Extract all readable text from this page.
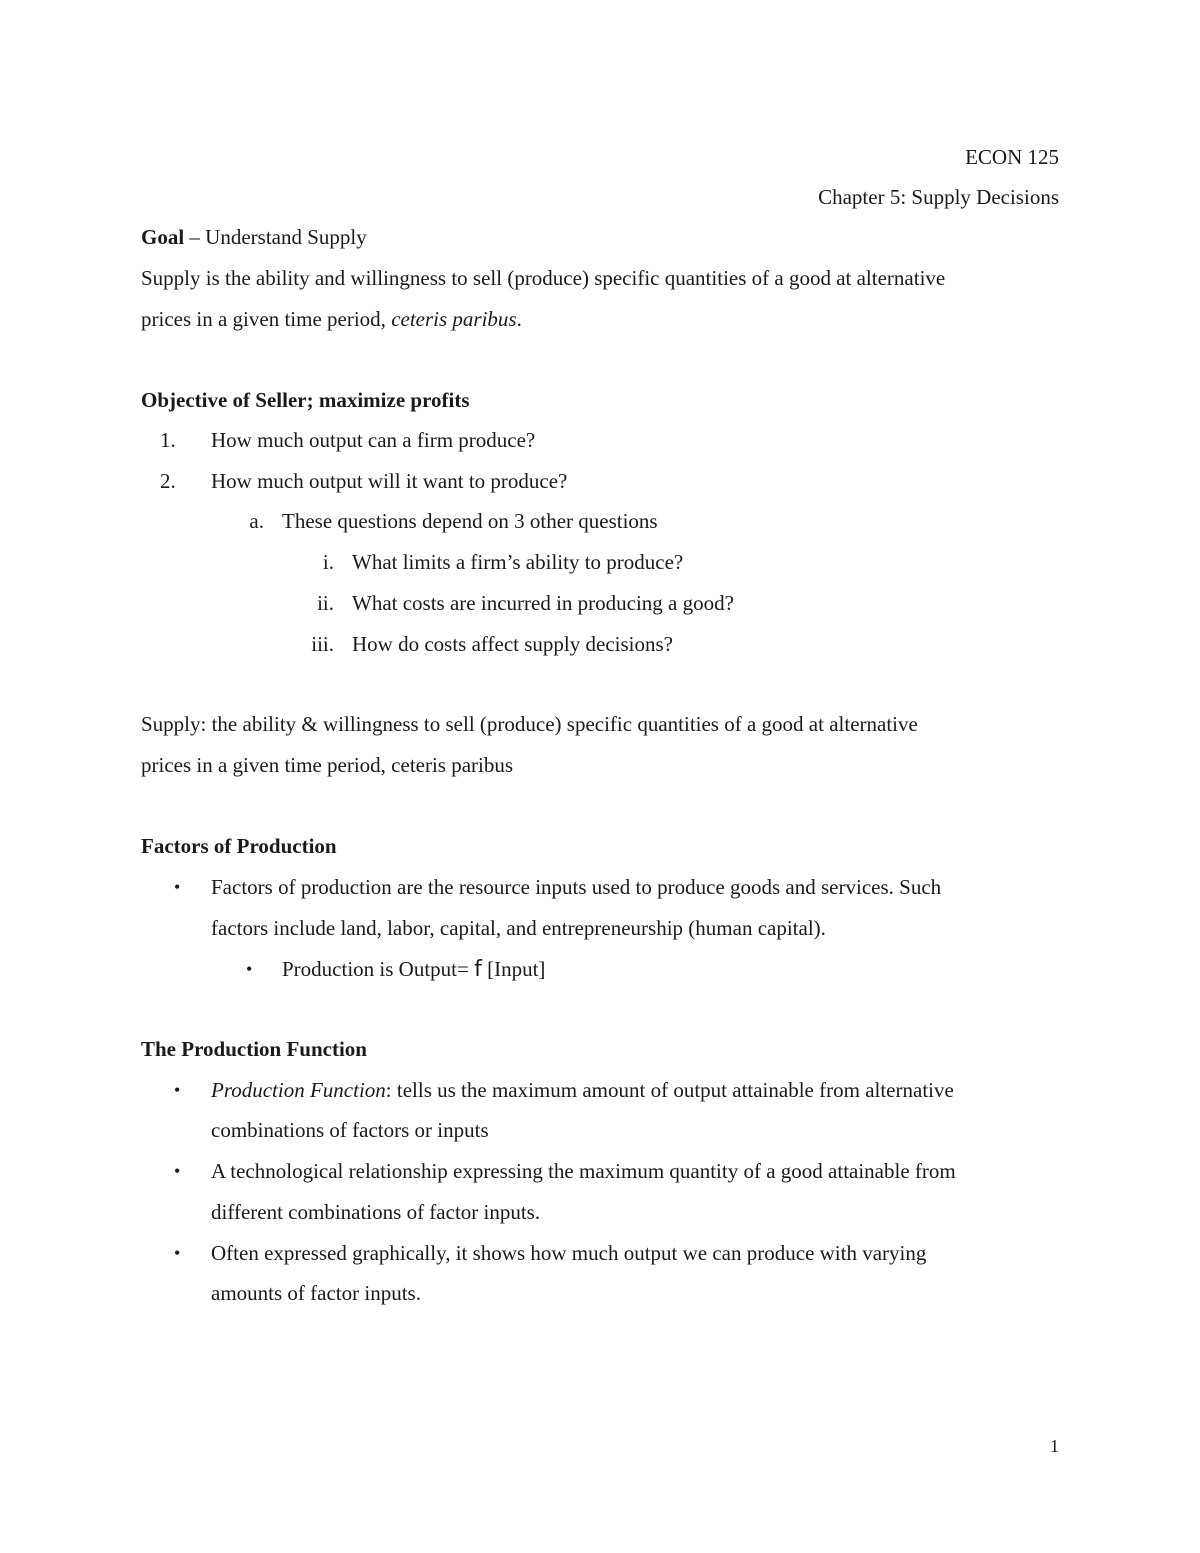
ECON 125
Chapter 5: Supply Decisions
Goal – Understand Supply
Supply is the ability and willingness to sell (produce) specific quantities of a good at alternative
prices in a given time period, ceteris paribus.
Objective of Seller; maximize profits
1.	How much output can a firm produce?
2.	How much output will it want to produce?
a. These questions depend on 3 other questions
i. What limits a firm’s ability to produce?
ii. What costs are incurred in producing a good?
iii. How do costs affect supply decisions?
Supply: the ability & willingness to sell (produce) specific quantities of a good at alternative
prices in a given time period, ceteris paribus
Factors of Production
• Factors of production are the resource inputs used to produce goods and services. Such
factors include land, labor, capital, and entrepreneurship (human capital).
• Production is Output= f [Input]
The Production Function
• Production Function: tells us the maximum amount of output attainable from alternative
combinations of factors or inputs
• A technological relationship expressing the maximum quantity of a good attainable from
different combinations of factor inputs.
• Often expressed graphically, it shows how much output we can produce with varying
amounts of factor inputs.
1
